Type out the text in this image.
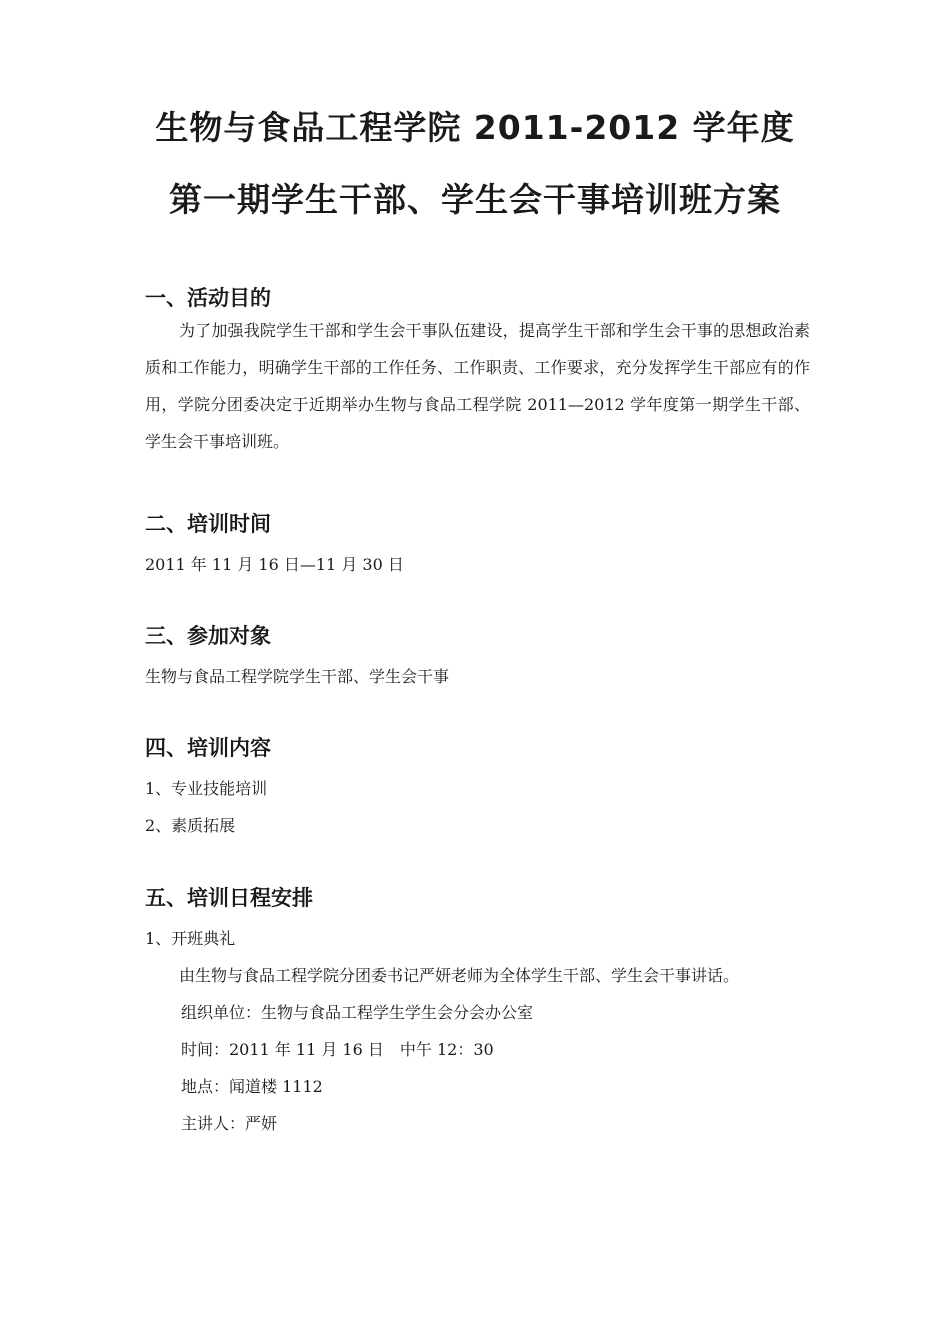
生物与食品工程学院 2011-2012 学年度
第一期学生干部、学生会干事培训班方案
一、活动目的

为了加强我院学生干部和学生会干事队伍建设，提高学生干部和学生会干事的思想政治素质和工作能力，明确学生干部的工作任务、工作职责、工作要求，充分发挥学生干部应有的作用，学院分团委决定于近期举办生物与食品工程学院 2011—2012 学年度第一期学生干部、学生会干事培训班。

二、培训时间

2011 年 11 月 16 日—11 月 30 日

三、参加对象

生物与食品工程学院学生干部、学生会干事

四、培训内容

1、专业技能培训

2、素质拓展

五、培训日程安排

1、开班典礼

由生物与食品工程学院分团委书记严妍老师为全体学生干部、学生会干事讲话。

组织单位：生物与食品工程学生学生会分会办公室

时间：2011 年 11 月 16 日　中午 12：30

地点：闻道楼 1112

主讲人：严妍
